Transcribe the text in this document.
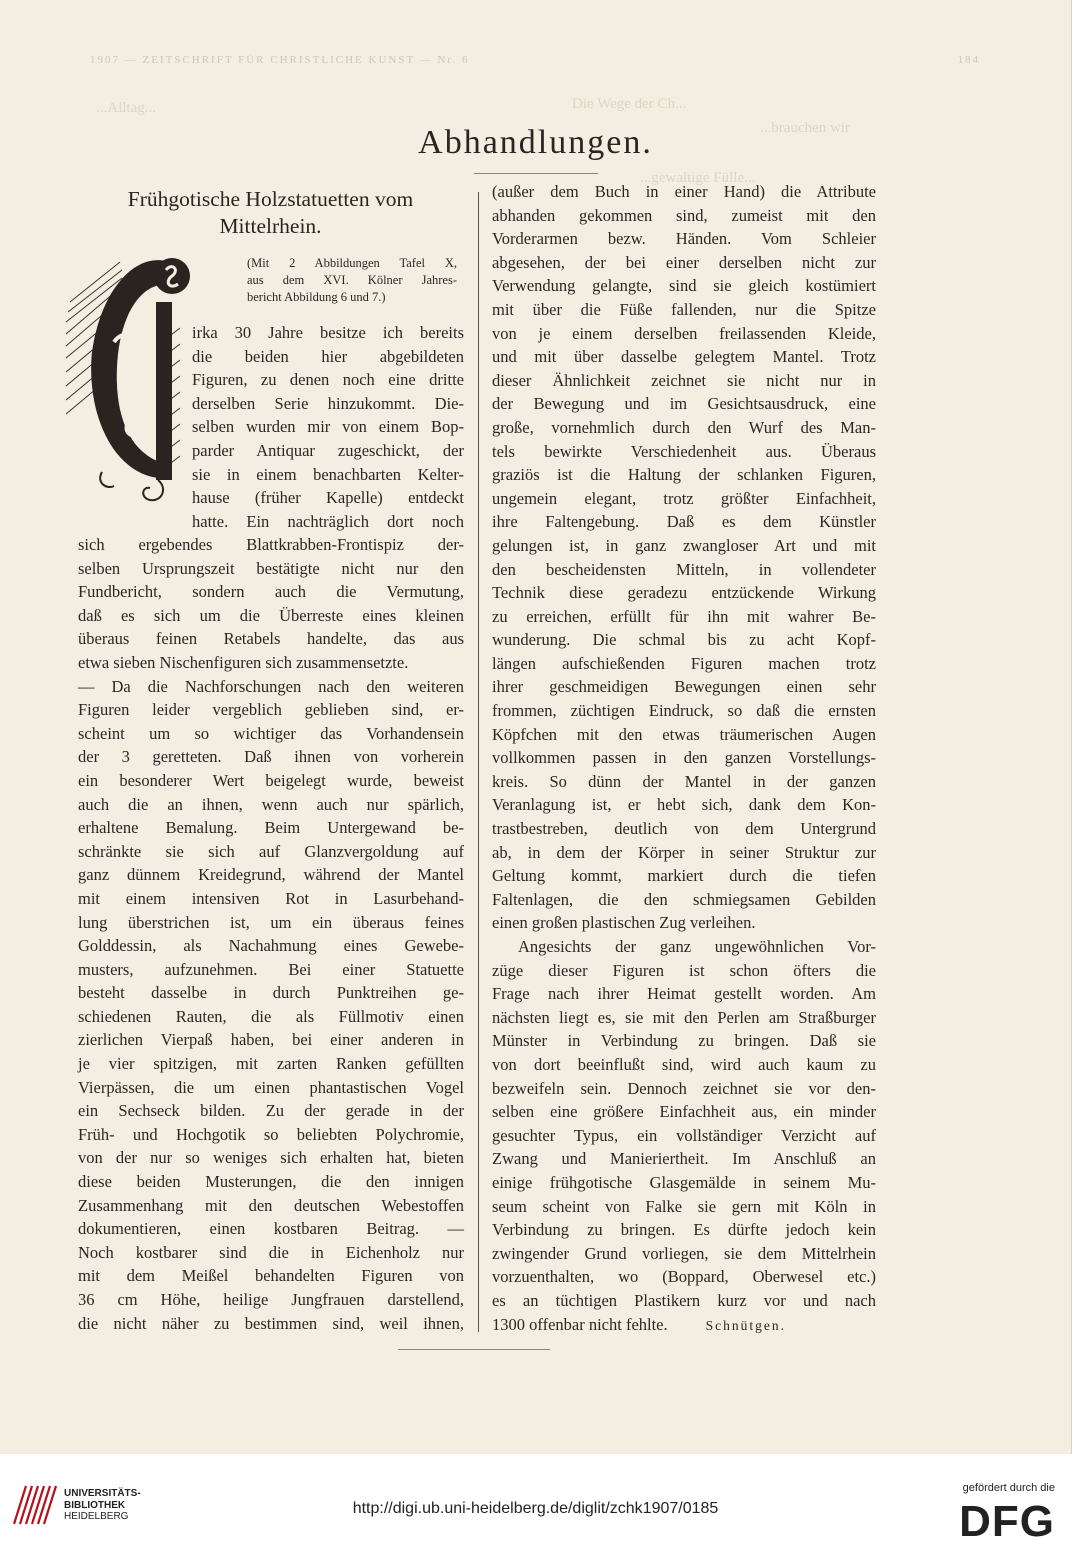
1907 — ZEITSCHRIFT FÜR CHRISTLICHE KUNST — Nr. 6	184
Die Wege der Ch...
...brauchen wir
...Alltag...
...gewaltige Fülle...
Abhandlungen.
Frühgotische Holzstatuetten vom
Mittelrhein.
(Mit 2 Abbildungen Tafel X,
aus dem XVI. Kölner Jahres-
bericht Abbildung 6 und 7.)
C
irka 30 Jahre besitze ich bereits
die beiden hier abgebildeten
Figuren, zu denen noch eine dritte
derselben Serie hinzukommt. Die-
selben wurden mir von einem Bop-
parder Antiquar zugeschickt, der
sie in einem benachbarten Kelter-
hause (früher Kapelle) entdeckt
hatte. Ein nachträglich dort noch
sich ergebendes Blattkrabben-Frontispiz der-
selben Ursprungszeit bestätigte nicht nur den
Fundbericht, sondern auch die Vermutung,
daß es sich um die Überreste eines kleinen
überaus feinen Retabels handelte, das aus
etwa sieben Nischenfiguren sich zusammensetzte.
— Da die Nachforschungen nach den weiteren
Figuren leider vergeblich geblieben sind, er-
scheint um so wichtiger das Vorhandensein
der 3 geretteten. Daß ihnen von vorherein
ein besonderer Wert beigelegt wurde, beweist
auch die an ihnen, wenn auch nur spärlich,
erhaltene Bemalung. Beim Untergewand be-
schränkte sie sich auf Glanzvergoldung auf
ganz dünnem Kreidegrund, während der Mantel
mit einem intensiven Rot in Lasurbehand-
lung überstrichen ist, um ein überaus feines
Golddessin, als Nachahmung eines Gewebe-
musters, aufzunehmen. Bei einer Statuette
besteht dasselbe in durch Punktreihen ge-
schiedenen Rauten, die als Füllmotiv einen
zierlichen Vierpaß haben, bei einer anderen in
je vier spitzigen, mit zarten Ranken gefüllten
Vierpässen, die um einen phantastischen Vogel
ein Sechseck bilden. Zu der gerade in der
Früh- und Hochgotik so beliebten Polychromie,
von der nur so weniges sich erhalten hat, bieten
diese beiden Musterungen, die den innigen
Zusammenhang mit den deutschen Webestoffen
dokumentieren, einen kostbaren Beitrag. —
Noch kostbarer sind die in Eichenholz nur
mit dem Meißel behandelten Figuren von
36 cm Höhe, heilige Jungfrauen darstellend,
die nicht näher zu bestimmen sind, weil ihnen,
(außer dem Buch in einer Hand) die Attribute
abhanden gekommen sind, zumeist mit den
Vorderarmen bezw. Händen. Vom Schleier
abgesehen, der bei einer derselben nicht zur
Verwendung gelangte, sind sie gleich kostümiert
mit über die Füße fallenden, nur die Spitze
von je einem derselben freilassenden Kleide,
und mit über dasselbe gelegtem Mantel. Trotz
dieser Ähnlichkeit zeichnet sie nicht nur in
der Bewegung und im Gesichtsausdruck, eine
große, vornehmlich durch den Wurf des Man-
tels bewirkte Verschiedenheit aus. Überaus
graziös ist die Haltung der schlanken Figuren,
ungemein elegant, trotz größter Einfachheit,
ihre Faltengebung. Daß es dem Künstler
gelungen ist, in ganz zwangloser Art und mit
den bescheidensten Mitteln, in vollendeter
Technik diese geradezu entzückende Wirkung
zu erreichen, erfüllt für ihn mit wahrer Be-
wunderung. Die schmal bis zu acht Kopf-
längen aufschießenden Figuren machen trotz
ihrer geschmeidigen Bewegungen einen sehr
frommen, züchtigen Eindruck, so daß die ernsten
Köpfchen mit den etwas träumerischen Augen
vollkommen passen in den ganzen Vorstellungs-
kreis. So dünn der Mantel in der ganzen
Veranlagung ist, er hebt sich, dank dem Kon-
trastbestreben, deutlich von dem Untergrund
ab, in dem der Körper in seiner Struktur zur
Geltung kommt, markiert durch die tiefen
Faltenlagen, die den schmiegsamen Gebilden
einen großen plastischen Zug verleihen.
Angesichts der ganz ungewöhnlichen Vor-
züge dieser Figuren ist schon öfters die
Frage nach ihrer Heimat gestellt worden. Am
nächsten liegt es, sie mit den Perlen am Straßburger
Münster in Verbindung zu bringen. Daß sie
von dort beeinflußt sind, wird auch kaum zu
bezweifeln sein. Dennoch zeichnet sie vor den-
selben eine größere Einfachheit aus, ein minder
gesuchter Typus, ein vollständiger Verzicht auf
Zwang und Manieriertheit. Im Anschluß an
einige frühgotische Glasgemälde in seinem Mu-
seum scheint von Falke sie gern mit Köln in
Verbindung zu bringen. Es dürfte jedoch kein
zwingender Grund vorliegen, sie dem Mittelrhein
vorzuenthalten, wo (Boppard, Oberwesel etc.)
es an tüchtigen Plastikern kurz vor und nach
1300 offenbar nicht fehlte.	Schnütgen.
UNIVERSITÄTS-
BIBLIOTHEK
HEIDELBERG	http://digi.ub.uni-heidelberg.de/diglit/zchk1907/0185
gefördert durch die
DFG
